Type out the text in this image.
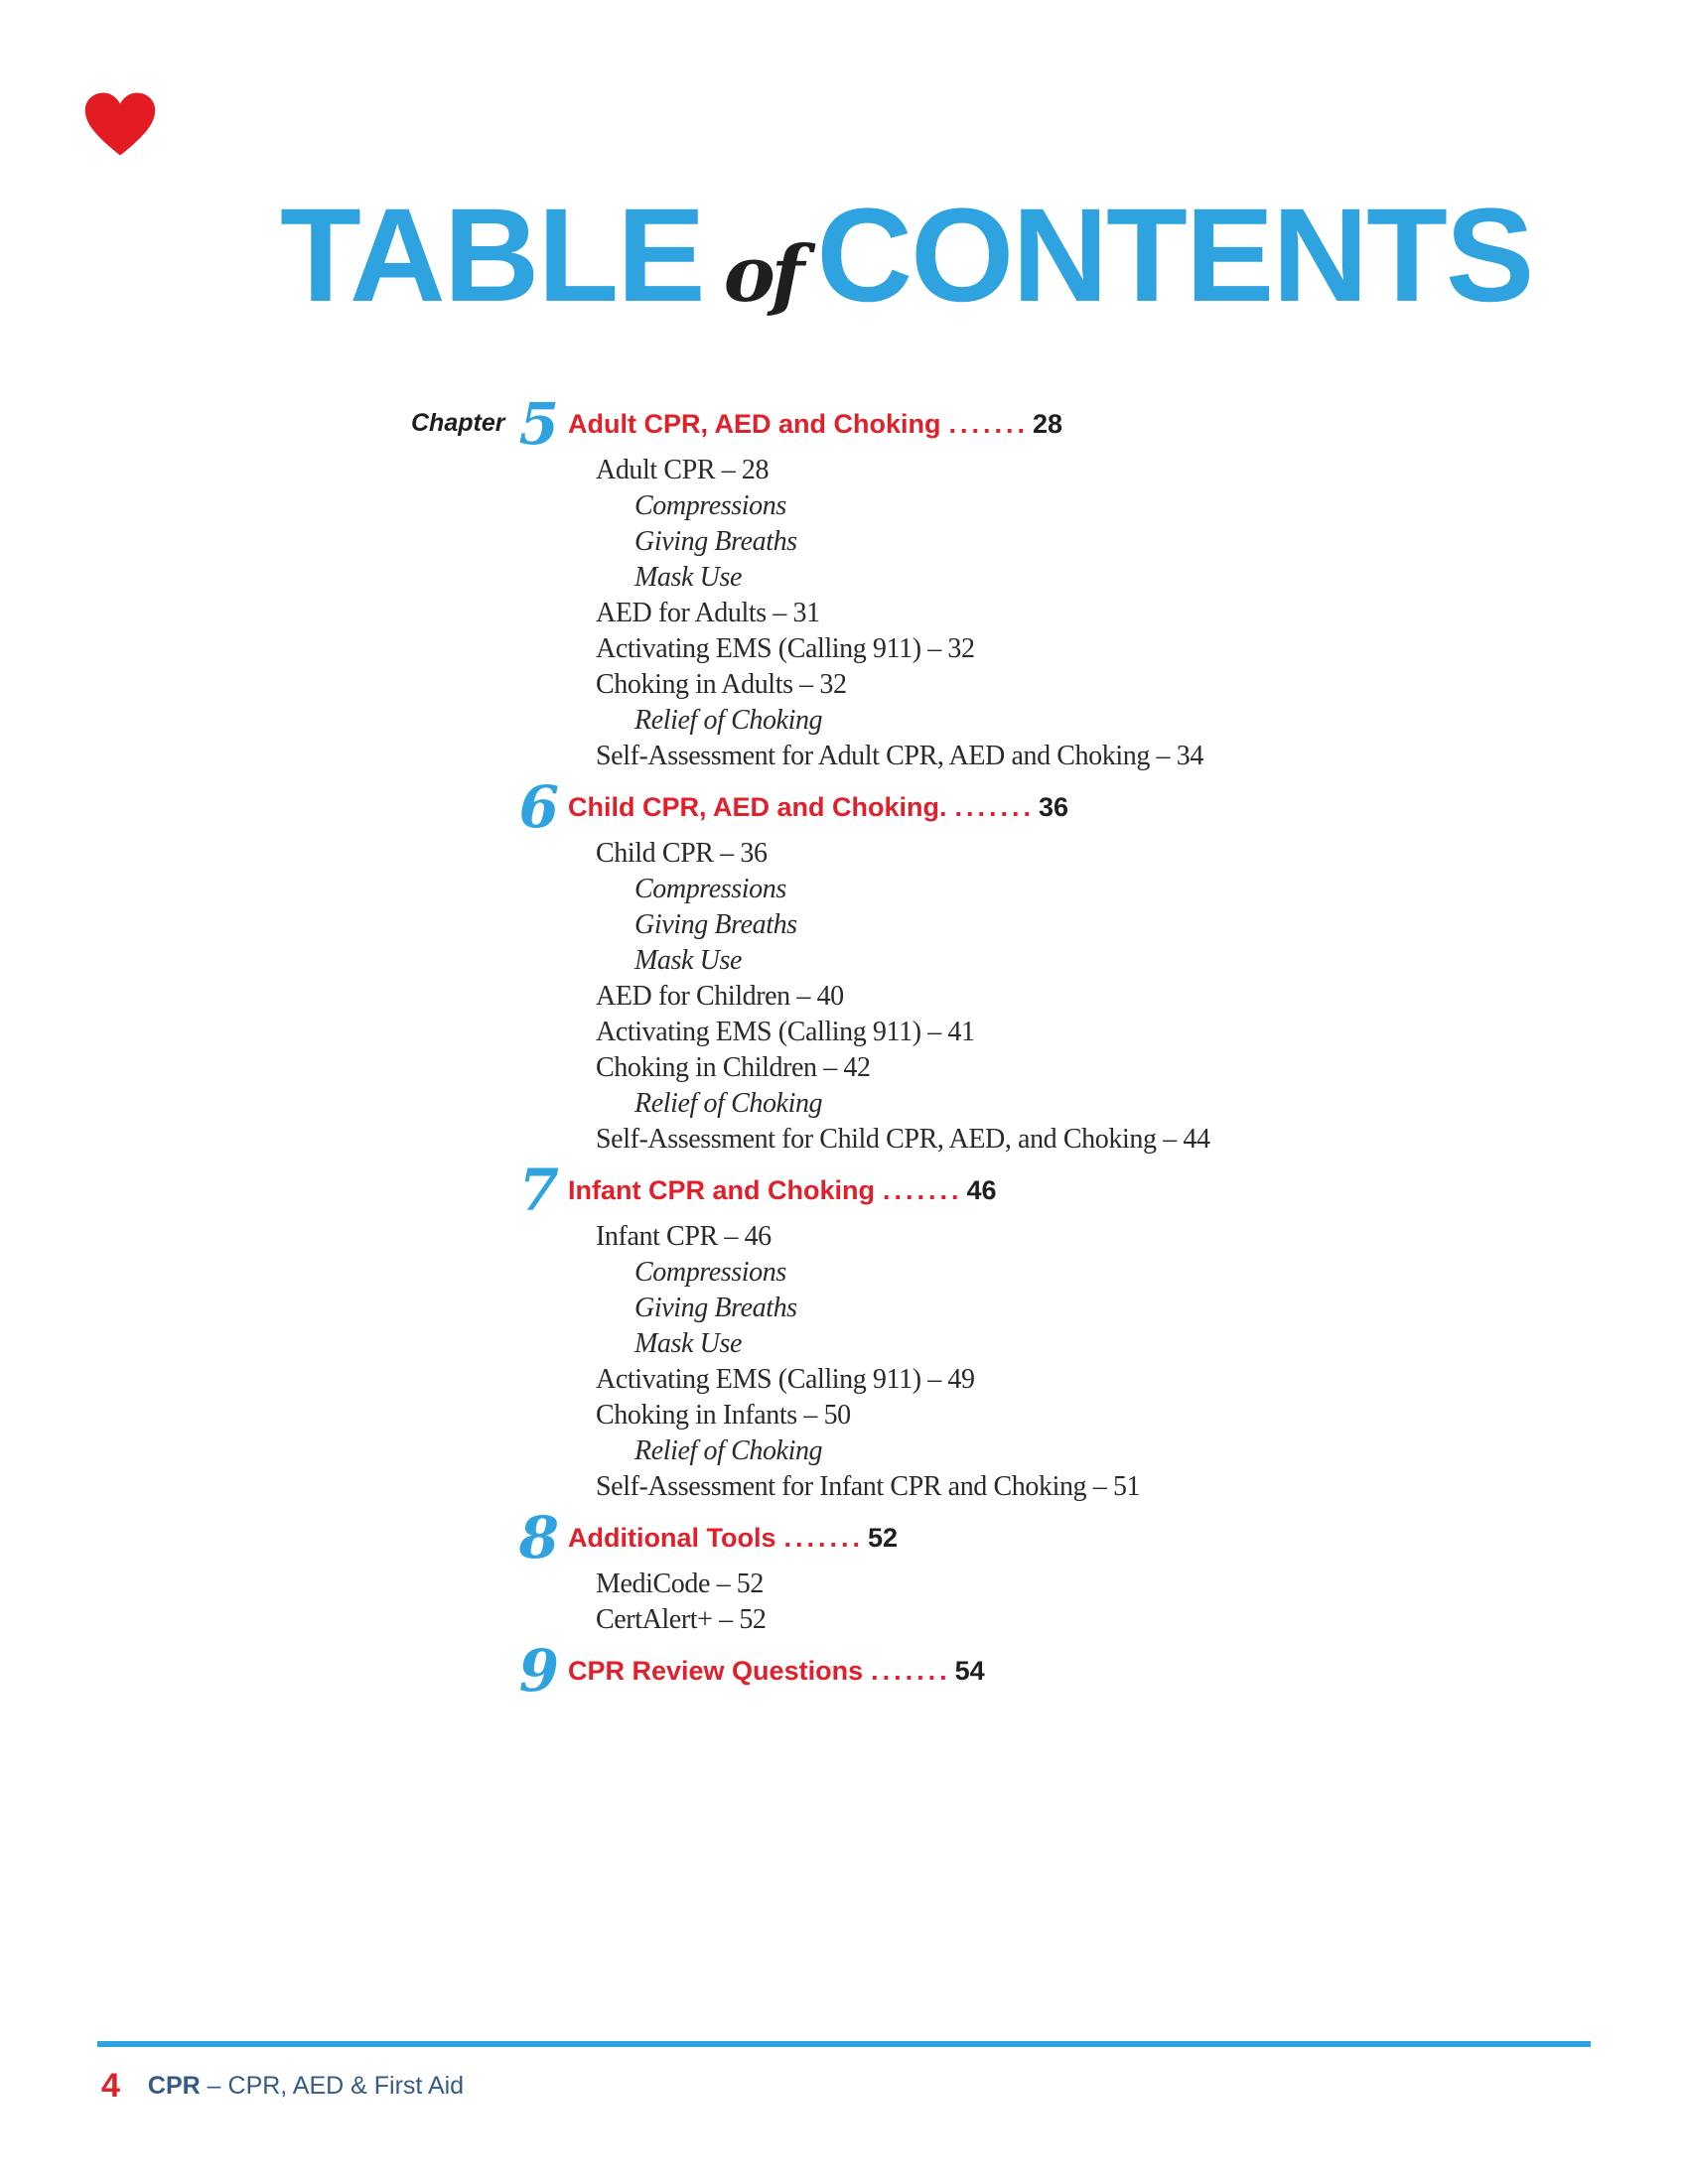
TABLE of CONTENTS
Chapter 5 Adult CPR, AED and Choking ....... 28
Adult CPR – 28
Compressions
Giving Breaths
Mask Use
AED for Adults – 31
Activating EMS (Calling 911) – 32
Choking in Adults – 32
Relief of Choking
Self-Assessment for Adult CPR, AED and Choking – 34
6 Child CPR, AED and Choking. ....... 36
Child CPR – 36
Compressions
Giving Breaths
Mask Use
AED for Children – 40
Activating EMS (Calling 911) – 41
Choking in Children – 42
Relief of Choking
Self-Assessment for Child CPR, AED, and Choking – 44
7 Infant CPR and Choking ....... 46
Infant CPR – 46
Compressions
Giving Breaths
Mask Use
Activating EMS (Calling 911) – 49
Choking in Infants – 50
Relief of Choking
Self-Assessment for Infant CPR and Choking – 51
8 Additional Tools ....... 52
MediCode – 52
CertAlert+ – 52
9 CPR Review Questions ....... 54
4 CPR – CPR, AED & First Aid
